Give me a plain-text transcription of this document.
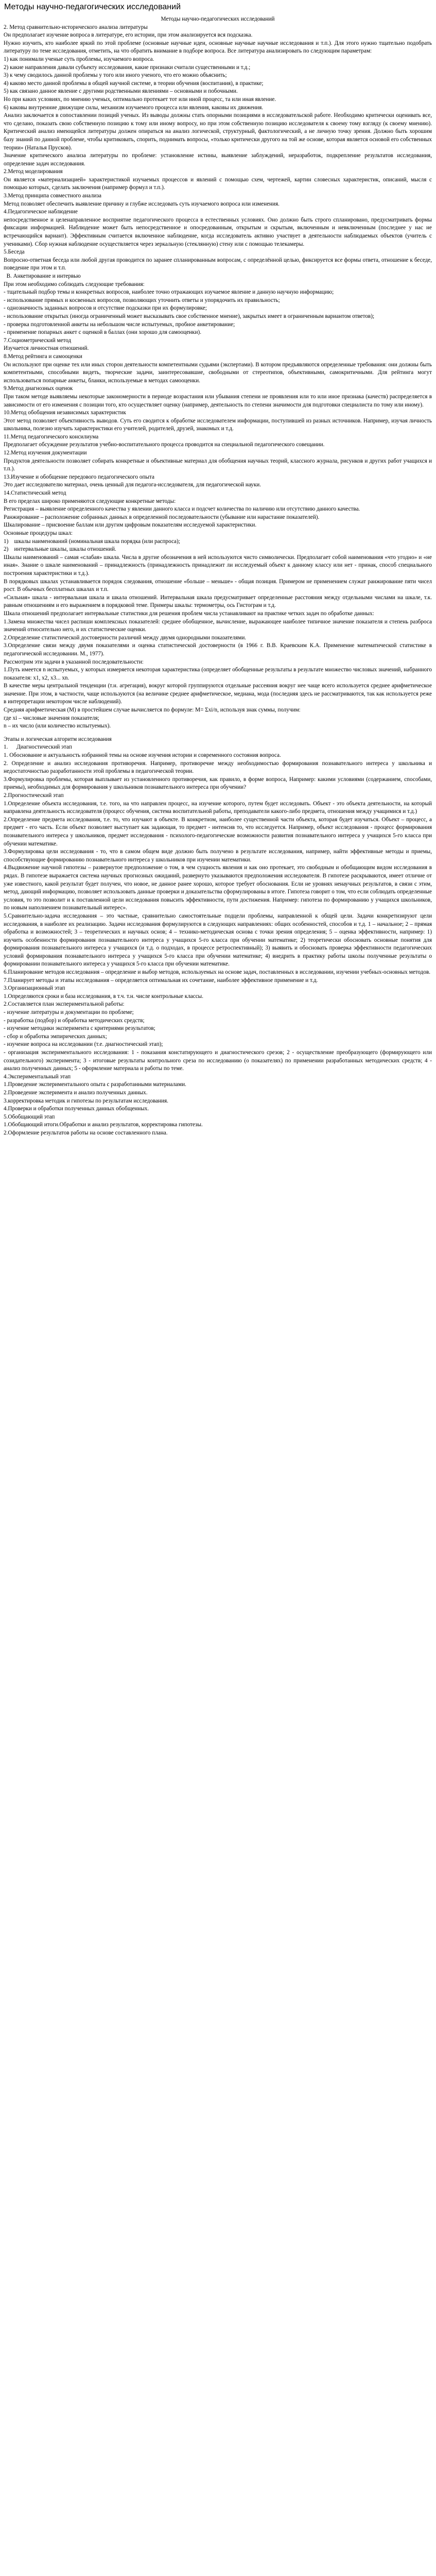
Методы научно-педагогических исследований

Методы научно-педагогических исследований

2. Метод сравнительно-исторического анализа литературы

Он предполагает изучение вопроса в литературе, его истории, при этом анализируется вся подсказка.

Нужно изучить, кто наиболее яркий по этой проблеме (основные научные идеи, основные научные научные исследования и т.п.). Для этого нужно тщательно подобрать литературу по теме исследования, отметить, на что обратить внимание в подборе вопроса. Все литература анализировать по следующим параметрам:

1) как понимали ученые суть проблемы, изучаемого вопроса.

2) какие направления давали субъекту исследования, какие признаки считали существенными и т.д.;

3) к чему сводилось данной проблемы у того или иного ученого, что его можно объяснить;

4) каково место данной проблемы в общей научной системе, в теории обучения (воспитания), в практике;

5) как связано данное явление с другими родственными явлениями – основными и побочными.

Но при каких условиях, по мнению ученых, оптимально протекает тот или иной процесс, та или иная явление.

6) каковы внутренние движущие силы, механизм изучаемого процесса или явления, каковы их движения.

Анализ заключается в сопоставлении позиций ученых. Из выводы должны стать опорными позициями в исследовательской работе. Необходимо критически оценивать все, что сделано, показать свою собственную позицию к тому или иному вопросу, но при этом собственную позицию исследователя к своему тому взгляду (к своему мнению). Критический анализ имеющейся литературы должен опираться на анализ логической, структурный, фактологический, а не личную точку зрения. Должно быть хорошим базу знаний по данной проблеме, чтобы критиковать, спорить, поднимать вопросы, «только критически другого на той же основе, которая является основой его собственных теории» (Наталья Прусков).

Значение критического анализа литературы по проблеме: установление истины, выявление заблуждений, неразработок, подкрепление результатов исследования, определение задач исследования.

2.Метод моделирования

Он является «материализацией» характеристикой изучаемых процессов и явлений с помощью схем, чертежей, картин словесных характеристик, описаний, мысля с помощью которых, сделать заключения (например формул и т.п.).

3.Метод принципа совместного анализа

Метод позволяет обеспечить выявление причину и глубже исследовать суть изучаемого вопроса или изменения.

4.Педагогическое наблюдение

непосредственное и целенаправленное восприятие педагогического процесса в естественных условиях. Оно должно быть строго спланировано, предусматривать формы фиксации информацией. Наблюдение может быть непосредственное и опосредованным, открытым и скрытым, включенным и невключенным (последнее у нас не встречающийся вариант). Эффективным считается включенное наблюдение, когда исследователь активно участвует в деятельности наблюдаемых объектов (учитель с учениками). Сбор нужная наблюдение осуществляется через зеркальную (стеклянную) стену или с помощью телекамеры.

5.Беседа

Вопросно-ответная беседа или любой другая проводится по заранее спланированным вопросам, с определённой целью, фиксируется все формы ответа, отношение к беседе, поведение при этом и т.п.

В. Анкетирование и интервью

При этом необходимо соблюдать следующие требования:

- тщательный подбор темы и конкретных вопросов, наиболее точно отражающих изучаемое явление и данную научную информацию;

- использование прямых и косвенных вопросов, позволяющих уточнить ответы и упорядочить их правильность;

- однозначность заданных вопросов и отсутствие подсказки при их формулировке;

- использование открытых (иногда ограниченный может высказывать свое собственное мнение), закрытых имеет в ограниченным вариантом ответов);

- проверка подготовленной анкеты на небольшом числе испытуемых, пробное анкетирование;

- применение попарных анкет с оценкой в баллах (они хорошо для самооценки).

7.Социометрический метод

Изучается личностная отношений.

8.Метод рейтинга и самооценки

Он используют при оценке тех или иных сторон деятельности компетентными судьями (экспертами). В котором предъявляются определенные требования: они должны быть компетентными, способными видеть, творческие задачи, заинтересовавшие, свободными от стереотипов, объективными, самокритичными. Для рейтинга могут использоваться попарные анкеты, бланки, используемые в методах самооценки.

9.Метод диагнозных оценок

При таком методе выявляемы некоторые закономерности в периоде возрастания или убывания степени не проявления или то или иное признака (качеств) распределяется в зависимости от его изменения с позиции того, кто осуществляет оценку (например, деятельность по степени значимости для подготовки специалиста по тому или иному).

10.Метод обобщения независимых характеристик

Этот метод позволяет объективность выводов. Суть его сводится к обработке исследователем информации, поступившей из разных источников. Например, изучая личность школьника, полезно изучать характеристики его учителей, родителей, друзей, знакомых и т.д.

11.Метод педагогического консилиума

Предполагает обсуждение результатов учебно-воспитательного процесса проводится на специальной педагогического совещании.

12.Метод изучения документации

Продуктов деятельности позволяет собирать конкретные и объективные материал для обобщения научных теорий, классного журнала, рисунков и других работ учащихся и т.п.).

13.Изучение и обобщение передового педагогического опыта

Это дает исследователю материал, очень ценный для педагога-исследователя, для педагогической науки.

14.Статистический метод

В его пределах широко применяются следующие конкретные методы:

Регистрация – выявление определенного качества у явлении данного класса и подсчет количества по наличию или отсутствию данного качества.

Ранжирование – расположение собранных данных в определенной последовательности (убывание или нарастание показателей).

Шкалирование – присвоение баллам или другим цифровым показателям исследуемой характеристики.

Основные процедуры шкал:

1)    шкалы наименований (номинальная шкала порядка (или распроса);

2)    интервальные шкалы, шкалы отношений.

Шкалы наименований – самая «слабая» шкала. Числа в другие обозначения в ней используются чисто символически. Предполагает собой наименования «что угодно» и «не иная». Знание о шкале наименований – принадлежность (принадлежность принадлежит ли исследуемый объект к данному классу или нет - принак, способ специального построения характеристики и т.д.).

В порядковых шкалах устанавливается порядок следования, отношение «больше – меньше» - общая позиция. Примером не применением служат ранжирование пяти чисел рост. В обычных бесплатных шкалах и т.п.

«Сильная» шкала - интервальная шкала и шкала отношений. Интервальная шкала предусматривает определенные расстояния между отдельными числами на шкале, т.к. равным отношениям и его выражением в порядковой теме. Примеры шкалы: термометры, ось Гистограм и т.д.

Шкала отношений предполагает интервальные статистики для решения проблем числа устанавливают на практике четких задач по обработке данных:

1.Замена множества чисел распиши комплексных показателей: среднее обобщенное, вычисление, выражающее наиболее типичное значение показателя и степень разброса значений относительно него, и их статистические оценки.

2.Определение статистической достоверности различий между двумя однородными показателями.

3.Определение связи между двумя показателями и оценка статистической достоверности (в 1966 г. В.В. Краевским К.А. Применение математической статистике в педагогической исследовании. М., 1977).

Рассмотрим эти задачи в указанной последовательности:

1.Путь имеется n испытуемых, у которых измеряется некоторая характеристика (определяет обобщенные результаты в результате множество числовых значений, набранного показателя: x1, x2, x3... xn.

В качестве меры центральной тенденции (т.н. агрегация), вокруг которой группируются отдельные рассеяния вокруг нее чаще всего используется среднее арифметическое значение. При этом, в частности, чаще используются (на величине среднее арифметическое, медиана, мода (последняя здесь не рассматриваются, так как используется реже в интерпретации некотором числе наблюдений).

Средняя арифметическая (M) в простейшем случае вычисляется по формуле: M= Σxi/n, используя знак суммы, получим:

где xi – числовые значения показателя;

n – их число (или количество испытуемых).

Этапы и логическая алгоритм исследования

1.      Диагностический этап

1. Обоснование и актуальность избранной темы на основе изучения истории и современного состояния вопроса.

2. Определение и анализ исследования противоречия. Например, противоречие между необходимостью формирования познавательного интереса у школьника и недостаточностью разработанности этой проблемы в педагогической теории.

3.Формулировка проблемы, которая выплывает из установленного противоречия, как правило, в форме вопроса, Например: какими условиями (содержанием, способами, приемы), необходимых для формирования у школьников познавательного интереса при обучении?

2.Прогностический этап

1.Определение объекта исследования, т.е. того, на что направлен процесс, на изучение которого, путем будет исследовать. Объект - это объекта деятельности, на который направлена деятельность исследователя (процесс обучения, система воспитательной работы, преподаватели какого-либо предмета, отношения между учащимися и т.д.)

2.Определение предмета исследования, т.е. то, что изучают в объекте. В конкретном, наиболее существенной части объекта, которая будет изучаться. Объект – процесс, а предмет - его часть. Если объект позволяет выступает как задающая, то предмет - интенсив то, что исследуется. Например, объект исследования - процесс формирования познавательного интереса у школьников, предмет исследования - психолого-педагогические возможности развития познавательного интереса у учащихся 5-го класса при обучении математике.

3.Формулировка цели исследования - то, что в самом общем виде должно быть получено в результате исследования, например, найти эффективные методы и приемы, способствующие формированию познавательного интереса у школьников при изучении математики.

4.Выдвижение научной гипотезы – развернутое предположение о том, в чем сущность явления и как оно протекает, это свободным и обобщающим видом исследования в рядах. В гипотезе выражается система научных прогнозных ожиданий, развернуто указываются предположения исследователя. В гипотезе раскрываются, имеет отличие от уже известного, какой результат будет получен, что новое, не данное ранее хорошо, которое требует обоснования. Если не уровнях ненаучных результатов, в связи с этим, метод, дающий информацию, позволяет использовать данные проверки и доказательства сформулированы в итоге. Гипотеза говорит о том, что если соблюдать определенные условия, то это позволит и к поставленной цели исследования повысить эффективности, пути достижения. Например: гипотеза по формированию у учащихся школьников, по новым наполнением познавательный интерес».

5.Сравнительно-задача исследования – это частные, сравнительно самостоятельные подцели проблемы, направленной к общей цели. Задачи конкретизируют цели исследования, в наиболее их реализацию. Задачи исследования формулируются в следующих направлениях: общих особенностей, способов и т.д. 1 – начальное; 2 – прямая обработка и возможностей; 3 – теоретических и научных основ; 4 – технико-методическая основа с точки зрения определения; 5 – оценка эффективности, например: 1) изучить особенности формирования познавательного интереса у учащихся 5-го класса при обучении математике; 2) теоретически обосновать основные понятия для формирования познавательного интереса у учащихся (и т.д. о подходах, в процессе ретроспективный); 3) выявить и обосновать проверка эффективности педагогических условий формирования познавательного интереса у учащихся 5-го класса при обучении математике; 4) внедрить в практику работы школы полученные результаты о формировании познавательного интереса у учащихся 5-го класса при обучении математике.

6.Планирование методов исследования – определение и выбор методов, используемых на основе задач, поставленных в исследовании, изучении учебных-основных методов.

7.Планирует методы и этапы исследования – определяется оптимальная их сочетание, наиболее эффективное применение и т.д.

3.Организационный этап

1.Определяются сроки и база исследования, в т.ч. т.н. числе контрольные классы.

2.Составляется план экспериментальной работы:

- изучение литературы и документации по проблеме;

- разработка (подбор) и обработка методических средств;

- изучение методики эксперимента с критериями результатов;

- сбор и обработка эмпирических данных;

- изучение вопроса на исследовании (т.е. диагностический этап);

- организация экспериментального исследования: 1 - показания констатирующего и диагностического срезов; 2 - осуществление преобразующего (формирующего или созидательного) эксперимента; 3 - итоговые результаты контрольного среза по исследованию (о показателях) по применении разработанных методических средств; 4 - анализ полученных данных; 5 - оформление материала и работы по теме.

4.Экспериментальный этап

1.Проведение экспериментального опыта с разработанными материалами.

2.Проведение эксперимента и анализ полученных данных.

3.корректировка методик и гипотезы по результатам исследования.

4.Проверки и обработки полученных данных обобщенных.

5.Обобщающий этап

1.Обобщающий итоги.Обработки и анализ результатов, корректировка гипотезы.

2.Оформление результатов работы на основе составленного плана.
